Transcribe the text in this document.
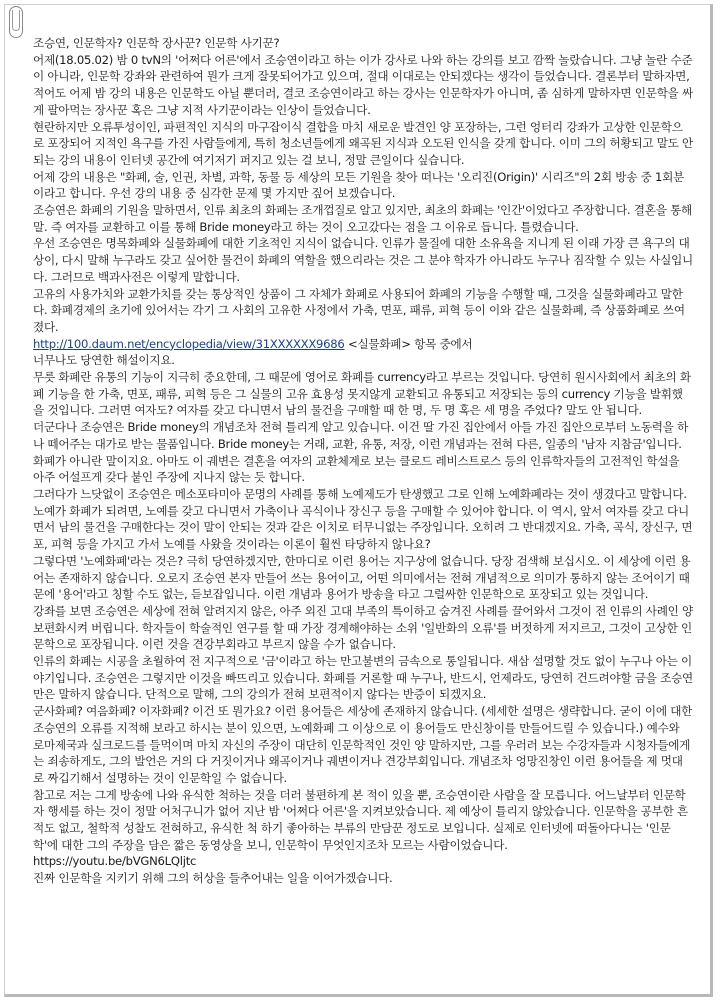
조승연, 인문학자? 인문학 장사꾼? 인문학 사기꾼?

어제(18.05.02) 밤 0 tvN의 '어쩌다 어른'에서 조승연이라고 하는 이가 강사로 나와 하는 강의를 보고 깜짝 놀랐습니다. 그냥 놀란 수준이 아니라, 인문학 강좌와 관련하여 뭔가 크게 잘못되어가고 있으며, 절대 이대로는 안되겠다는 생각이 들었습니다. 결론부터 말하자면, 적어도 어제 밤 강의 내용은 인문학도 아닐 뿐더러, 결코 조승연이라고 하는 강사는 인문학자가 아니며, 좀 심하게 말하자면 인문학을 싸게 팔아먹는 장사꾼 혹은 그냥 지적 사기꾼이라는 인상이 들었습니다.

현란하지만 오류투성이인, 파편적인 지식의 마구잡이식 결합을 마치 새로운 발견인 양 포장하는, 그런 엉터리 강좌가 고상한 인문학으로 포장되어 지적인 욕구를 가진 사람들에게, 특히 청소년들에게 왜곡된 지식과 오도된 인식을 갖게 합니다. 이미 그의 허황되고 말도 안되는 강의 내용이 인터넷 공간에 여기저기 퍼지고 있는 걸 보니, 정말 큰일이다 싶습니다.

어제 강의 내용은 "화폐, 술, 인권, 차별, 과학, 동물 등 세상의 모든 기원을 찾아 떠나는 '오리진(Origin)' 시리즈"의 2회 방송 중 1회분이라고 합니다. 우선 강의 내용 중 심각한 문제 몇 가지만 짚어 보겠습니다.

조승연은 화폐의 기원을 말하면서, 인류 최초의 화폐는 조개껍질로 알고 있지만, 최초의 화폐는 '인간'이었다고 주장합니다. 결혼을 통해 말. 즉 여자를 교환하고 이를 통해 Bride money라고 하는 것이 오고갔다는 점을 그 이유로 듭니다. 틀렸습니다.

우선 조승연은 명목화폐와 실물화폐에 대한 기초적인 지식이 없습니다. 인류가 물질에 대한 소유욕을 지니게 된 이래 가장 큰 욕구의 대상이, 다시 말해 누구라도 갖고 싶어한 물건이 화폐의 역할을 했으리라는 것은 그 분야 학자가 아니라도 누구나 짐작할 수 있는 사실입니다. 그러므로 백과사전은 이렇게 말합니다.

고유의 사용가치와 교환가치를 갖는 통상적인 상품이 그 자체가 화폐로 사용되어 화폐의 기능을 수행할 때, 그것을 실물화폐라고 말한다. 화폐경제의 초기에 있어서는 각기 그 사회의 고유한 사정에서 가축, 면포, 패류, 피혁 등이 이와 같은 실물화폐, 즉 상품화폐로 쓰여졌다.

http://100.daum.net/encyclopedia/view/31XXXXXX9686 <실물화폐> 항목 중에서

너무나도 당연한 해설이지요.

무릇 화폐란 유통의 기능이 지극히 중요한데, 그 때문에 영어로 화폐를 currency라고 부르는 것입니다. 당연히 원시사회에서 최초의 화폐 기능을 한 가축, 면포, 패류, 피혁 등은 그 실물의 고유 효용성 못지않게 교환되고 유통되고 저장되는 등의 currency 기능을 발휘했을 것입니다. 그러면 여자도? 여자를 갖고 다니면서 남의 물건을 구매할 때 한 명, 두 명 혹은 세 명을 주었다? 말도 안 됩니다.

더군다나 조승연은 Bride money의 개념조차 전혀 틀리게 알고 있습니다. 이건 딸 가진 집안에서 아들 가진 집안으로부터 노동력을 하나 떼어주는 대가로 받는 물품입니다. Bride money는 거래, 교환, 유통, 저장, 이런 개념과는 전혀 다른, 일종의 '남자 지참금'입니다. 화폐가 아니란 말이지요. 아마도 이 궤변은 결혼을 여자의 교환체계로 보는 클로드 레비스트로스 등의 인류학자들의 고전적인 학설을 아주 어설프게 갖다 붙인 주장에 지나지 않는 듯 합니다.

그러다가 느닷없이 조승연은 메소포타미아 문명의 사례를 통해 노예제도가 탄생했고 그로 인해 노예화폐라는 것이 생겼다고 말합니다. 노예가 화폐가 되려면, 노예를 갖고 다니면서 가축이나 곡식이나 장신구 등을 구매할 수 있어야 합니다. 이 역시, 앞서 여자를 갖고 다니면서 남의 물건을 구매한다는 것이 말이 안되는 것과 같은 이치로 터무니없는 주장입니다. 오히려 그 반대겠지요. 가축, 곡식, 장신구, 면포, 피혁 등을 가지고 가서 노예를 사왔을 것이라는 이론이 훨씬 타당하지 않나요?

그렇다면 '노예화폐'라는 것은? 극히 당연하겠지만, 한마디로 이런 용어는 지구상에 없습니다. 당장 검색해 보십시오. 이 세상에 이런 용어는 존재하지 않습니다. 오로지 조승연 본자 만들어 쓰는 용어이고, 어떤 의미에서는 전혀 개념적으로 의미가 통하지 않는 조어이기 때문에 '용어'라고 칭할 수도 없는, 듣보잡입니다. 이런 개념과 용어가 방송을 타고 그럴싸한 인문학으로 포장되고 있는 것입니다.

강좌를 보면 조승연은 세상에 전혀 알려지지 않은, 아주 외진 고대 부족의 특이하고 숨겨진 사례를 끌어와서 그것이 전 인류의 사례인 양 보편화시켜 버립니다. 학자들이 학술적인 연구를 할 때 가장 경계해야하는 소위 '일반화의 오류'를 버젓하게 저지르고, 그것이 고상한 인문학으로 포장됩니다. 이런 것을 견강부회라고 부르지 않을 수가 없습니다.

인류의 화폐는 시공을 초월하여 전 지구적으로 '금'이라고 하는 만고불변의 금속으로 통일됩니다. 새삼 설명할 것도 없이 누구나 아는 이야기입니다. 조승연은 그렇지만 이것을 빠뜨리고 있습니다. 화폐를 거론할 때 누구나, 반드시, 언제라도, 당연히 건드려야할 금을 조승연만은 말하지 않습니다. 단적으로 말해, 그의 강의가 전혀 보편적이지 않다는 반증이 되겠지요.

군사화폐? 여음화폐? 이자화폐? 이건 또 뭔가요? 이런 용어들은 세상에 존재하지 않습니다. (세세한 설명은 생략합니다. 굳이 이에 대한 조승연의 오류를 지적해 보라고 하시는 분이 있으면, 노예화폐 그 이상으로 이 용어들도 만신창이를 만들어드릴 수 있습니다.) 예수와 로마제국과 실크로드를 들먹이며 마치 자신의 주장이 대단히 인문학적인 것인 양 말하지만, 그를 우러러 보는 수강자들과 시청자들에게는 죄송하게도, 그의 발언은 거의 다 거짓이거나 왜곡이거나 궤변이거나 견강부회입니다. 개념조차 엉망진창인 이런 용어들을 제 멋대로 짜깁기해서 설명하는 것이 인문학일 수 없습니다.

참고로 저는 그게 방송에 나와 유식한 척하는 것을 더러 불편하게 본 적이 있을 뿐, 조승연이란 사람을 잘 모릅니다. 어느날부터 인문학자 행세를 하는 것이 정말 어처구니가 없어 지난 밤 '어쩌다 어른'을 지켜보았습니다. 제 예상이 틀리지 않았습니다. 인문학을 공부한 흔적도 없고, 철학적 성찰도 전혀하고, 유식한 척 하기 좋아하는 부류의 만담꾼 정도로 보입니다. 실제로 인터넷에 떠돌아다니는 '인문학'에 대한 그의 주장을 담은 짧은 동영상을 보니, 인문학이 무엇인지조차 모르는 사람이었습니다.

https://youtu.be/bVGN6LQljtc

진짜 인문학을 지키기 위해 그의 허상을 들추어내는 일을 이어가겠습니다.
